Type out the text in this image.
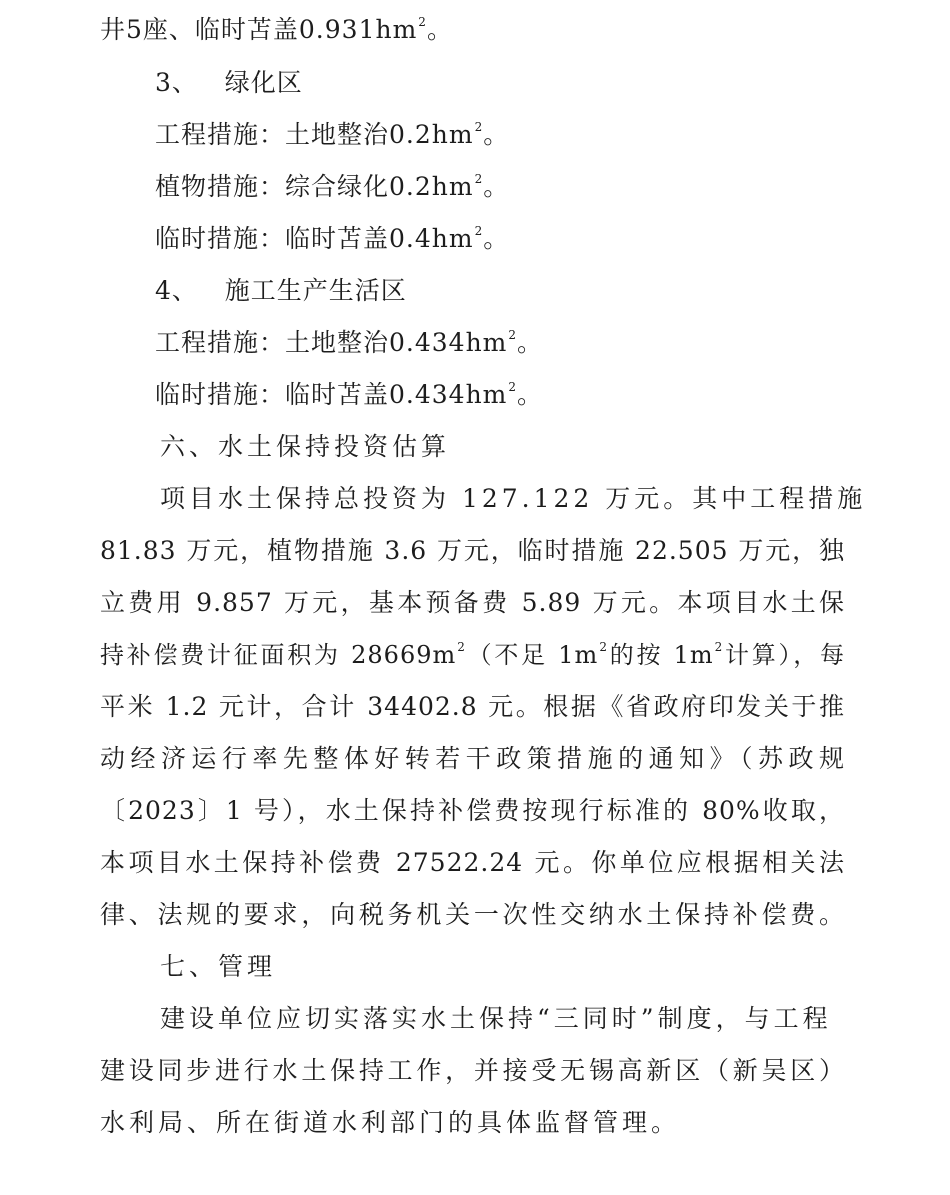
井5座、临时苫盖$0.931hm^2$。
3、   绿化区
工程措施：土地整治$0.2hm^2$。
植物措施：综合绿化$0.2hm^2$。
临时措施：临时苫盖$0.4hm^2$。
4、   施工生产生活区
工程措施：土地整治$0.434hm^2$。
临时措施：临时苫盖$0.434hm^2$。
六、水土保持投资估算
项目水土保持总投资为 127.122 万元。其中工程措施
81.83 万元，植物措施 3.6 万元，临时措施 22.505 万元，独
立费用 9.857 万元，基本预备费 5.89 万元。本项目水土保
持补偿费计征面积为 $28669m^2$（不足 $1m^2$的按 $1m^2$计算），每
平米 1.2 元计，合计 34402.8 元。根据《省政府印发关于推
动经济运行率先整体好转若干政策措施的通知》（苏政规
〔2023〕1 号），水土保持补偿费按现行标准的 80%收取，
本项目水土保持补偿费 27522.24 元。你单位应根据相关法
律、法规的要求，向税务机关一次性交纳水土保持补偿费。
七、管理
建设单位应切实落实水土保持“三同时”制度，与工程
建设同步进行水土保持工作，并接受无锡高新区（新吴区）
水利局、所在街道水利部门的具体监督管理。
